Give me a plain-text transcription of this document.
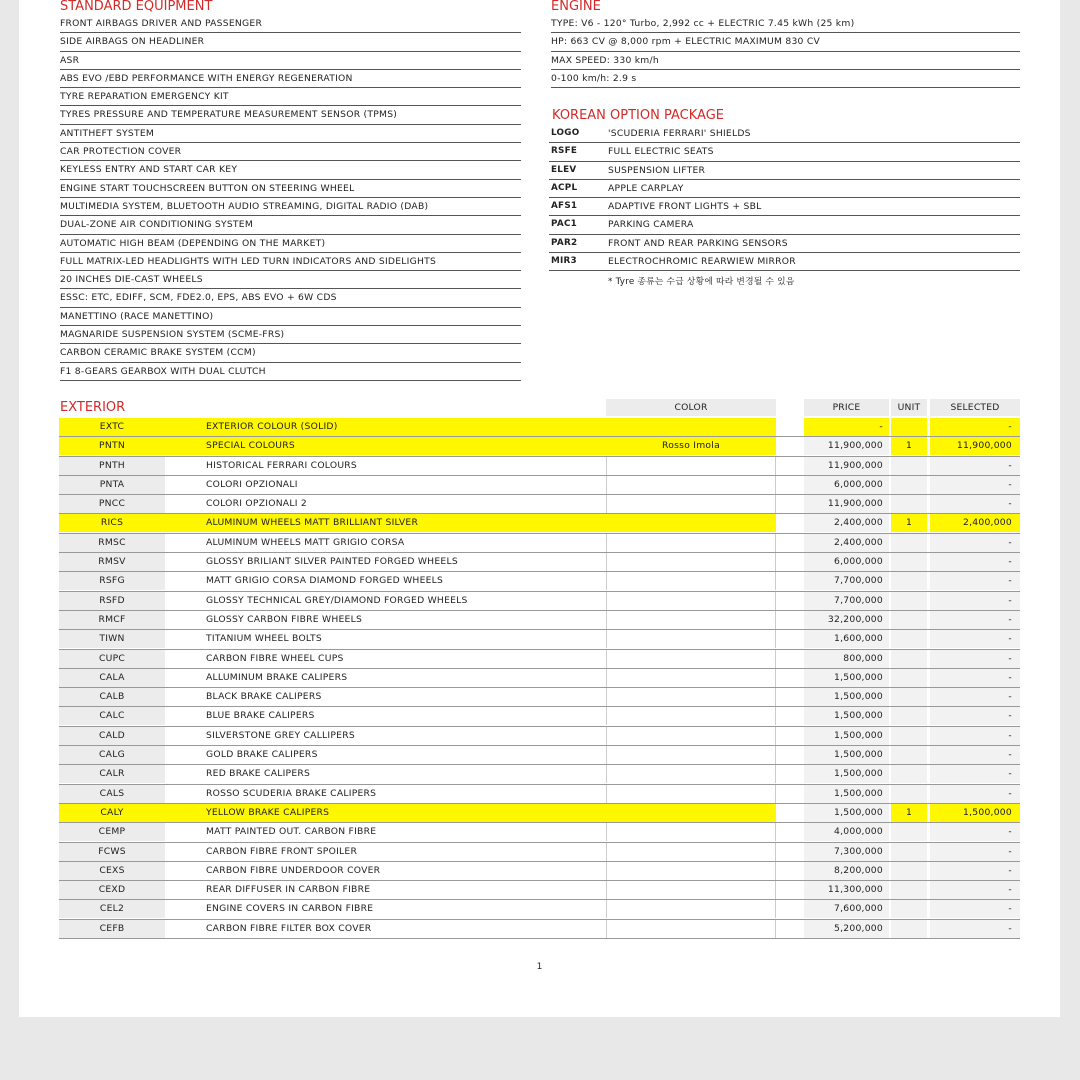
STANDARD EQUIPMENT
FRONT AIRBAGS DRIVER AND PASSENGER
SIDE AIRBAGS ON HEADLINER
ASR
ABS EVO /EBD PERFORMANCE WITH ENERGY REGENERATION
TYRE REPARATION EMERGENCY KIT
TYRES PRESSURE AND TEMPERATURE MEASUREMENT SENSOR (TPMS)
ANTITHEFT SYSTEM
CAR PROTECTION COVER
KEYLESS ENTRY AND START CAR KEY
ENGINE START TOUCHSCREEN BUTTON ON STEERING WHEEL
MULTIMEDIA SYSTEM, BLUETOOTH AUDIO STREAMING, DIGITAL RADIO (DAB)
DUAL-ZONE AIR CONDITIONING SYSTEM
AUTOMATIC HIGH BEAM (DEPENDING ON THE MARKET)
FULL MATRIX-LED HEADLIGHTS WITH LED TURN INDICATORS AND SIDELIGHTS
20 INCHES DIE-CAST WHEELS
ESSC: ETC, EDIFF, SCM, FDE2.0, EPS, ABS EVO + 6W CDS
MANETTINO (RACE MANETTINO)
MAGNARIDE SUSPENSION SYSTEM (SCME-FRS)
CARBON CERAMIC BRAKE SYSTEM (CCM)
F1 8-GEARS GEARBOX WITH DUAL CLUTCH
ENGINE
TYPE: V6 - 120° Turbo, 2,992 cc + ELECTRIC 7.45 kWh (25 km)
HP: 663 CV @ 8,000 rpm + ELECTRIC MAXIMUM 830 CV
MAX SPEED: 330 km/h
0-100 km/h: 2.9 s
KOREAN OPTION PACKAGE
LOGO	'SCUDERIA FERRARI' SHIELDS
RSFE	FULL ELECTRIC SEATS
ELEV	SUSPENSION LIFTER
ACPL	APPLE CARPLAY
AFS1	ADAPTIVE FRONT LIGHTS + SBL
PAC1	PARKING CAMERA
PAR2	FRONT AND REAR PARKING SENSORS
MIR3	ELECTROCHROMIC REARWIEW MIRROR
* Tyre 종류는 수급 상황에 따라 변경될 수 있음
EXTERIOR	COLOR	PRICE	UNIT	SELECTED
EXTC	EXTERIOR COLOUR (SOLID)	-	-
PNTN	SPECIAL COLOURS	Rosso Imola	11,900,000	1	11,900,000
PNTH	HISTORICAL FERRARI COLOURS	11,900,000	-
PNTA	COLORI OPZIONALI	6,000,000	-
PNCC	COLORI OPZIONALI 2	11,900,000	-
RICS	ALUMINUM WHEELS MATT BRILLIANT SILVER	2,400,000	1	2,400,000
RMSC	ALUMINUM WHEELS MATT GRIGIO CORSA	2,400,000	-
RMSV	GLOSSY BRILIANT SILVER PAINTED FORGED WHEELS	6,000,000	-
RSFG	MATT GRIGIO CORSA DIAMOND FORGED WHEELS	7,700,000	-
RSFD	GLOSSY TECHNICAL GREY/DIAMOND FORGED WHEELS	7,700,000	-
RMCF	GLOSSY CARBON FIBRE WHEELS	32,200,000	-
TIWN	TITANIUM WHEEL BOLTS	1,600,000	-
CUPC	CARBON FIBRE WHEEL CUPS	800,000	-
CALA	ALLUMINUM BRAKE CALIPERS	1,500,000	-
CALB	BLACK BRAKE CALIPERS	1,500,000	-
CALC	BLUE BRAKE CALIPERS	1,500,000	-
CALD	SILVERSTONE GREY CALLIPERS	1,500,000	-
CALG	GOLD BRAKE CALIPERS	1,500,000	-
CALR	RED BRAKE CALIPERS	1,500,000	-
CALS	ROSSO SCUDERIA BRAKE CALIPERS	1,500,000	-
CALY	YELLOW BRAKE CALIPERS	1,500,000	1	1,500,000
CEMP	MATT PAINTED OUT. CARBON FIBRE	4,000,000	-
FCWS	CARBON FIBRE FRONT SPOILER	7,300,000	-
CEXS	CARBON FIBRE UNDERDOOR COVER	8,200,000	-
CEXD	REAR DIFFUSER IN CARBON FIBRE	11,300,000	-
CEL2	ENGINE COVERS IN CARBON FIBRE	7,600,000	-
CEFB	CARBON FIBRE FILTER BOX COVER	5,200,000	-
1
